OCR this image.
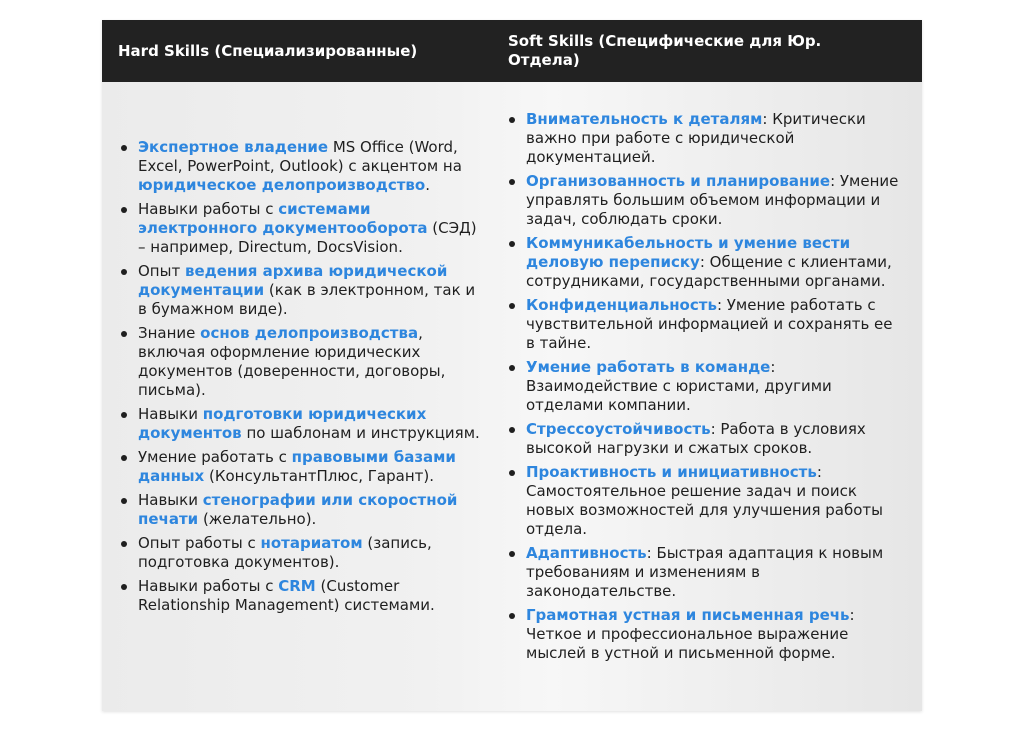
Hard Skills (Специализированные)
Soft Skills (Специфические для Юр. Отдела)
Экспертное владение MS Office (Word, Excel, PowerPoint, Outlook) с акцентом на юридическое делопроизводство.
Навыки работы с системами электронного документооборота (СЭД) – например, Directum, DocsVision.
Опыт ведения архива юридической документации (как в электронном, так и в бумажном виде).
Знание основ делопроизводства, включая оформление юридических документов (доверенности, договоры, письма).
Навыки подготовки юридических документов по шаблонам и инструкциям.
Умение работать с правовыми базами данных (КонсультантПлюс, Гарант).
Навыки стенографии или скоростной печати (желательно).
Опыт работы с нотариатом (запись, подготовка документов).
Навыки работы с CRM (Customer Relationship Management) системами.
Внимательность к деталям: Критически важно при работе с юридической документацией.
Организованность и планирование: Умение управлять большим объемом информации и задач, соблюдать сроки.
Коммуникабельность и умение вести деловую переписку: Общение с клиентами, сотрудниками, государственными органами.
Конфиденциальность: Умение работать с чувствительной информацией и сохранять ее в тайне.
Умение работать в команде: Взаимодействие с юристами, другими отделами компании.
Стрессоустойчивость: Работа в условиях высокой нагрузки и сжатых сроков.
Проактивность и инициативность: Самостоятельное решение задач и поиск новых возможностей для улучшения работы отдела.
Адаптивность: Быстрая адаптация к новым требованиям и изменениям в законодательстве.
Грамотная устная и письменная речь: Четкое и профессиональное выражение мыслей в устной и письменной форме.
